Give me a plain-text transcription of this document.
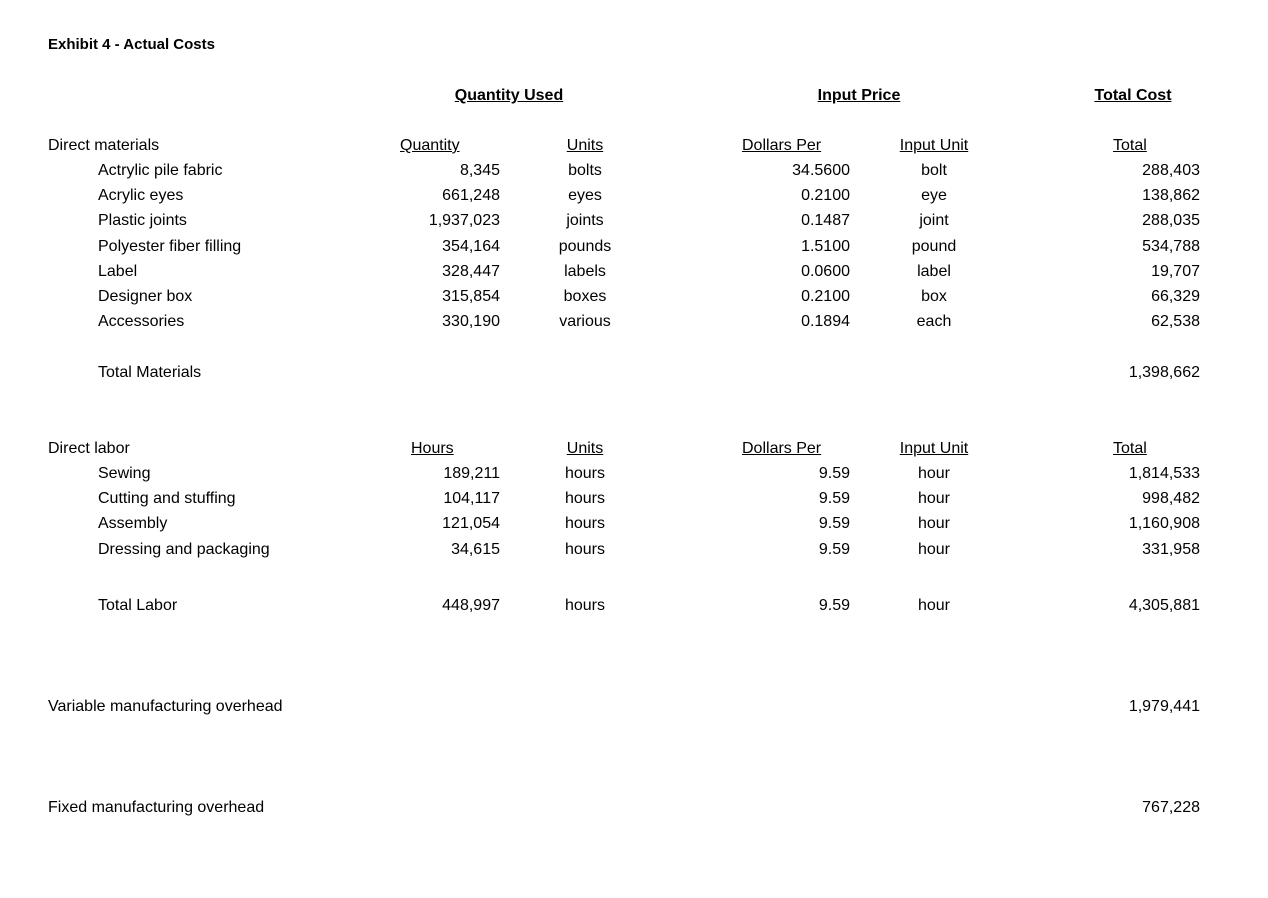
Exhibit 4 - Actual Costs
Quantity Used	Input Price	Total Cost
Direct materials	Quantity	Units	Dollars Per	Input Unit	Total
Actrylic pile fabric	8,345	bolts	34.5600	bolt	288,403
Acrylic eyes	661,248	eyes	0.2100	eye	138,862
Plastic joints	1,937,023	joints	0.1487	joint	288,035
Polyester fiber filling	354,164	pounds	1.5100	pound	534,788
Label	328,447	labels	0.0600	label	19,707
Designer box	315,854	boxes	0.2100	box	66,329
Accessories	330,190	various	0.1894	each	62,538
Total Materials	1,398,662
Direct labor	Hours	Units	Dollars Per	Input Unit	Total
Sewing	189,211	hours	9.59	hour	1,814,533
Cutting and stuffing	104,117	hours	9.59	hour	998,482
Assembly	121,054	hours	9.59	hour	1,160,908
Dressing and packaging	34,615	hours	9.59	hour	331,958
Total Labor	448,997	hours	9.59	hour	4,305,881
Variable manufacturing overhead	1,979,441
Fixed manufacturing overhead	767,228
